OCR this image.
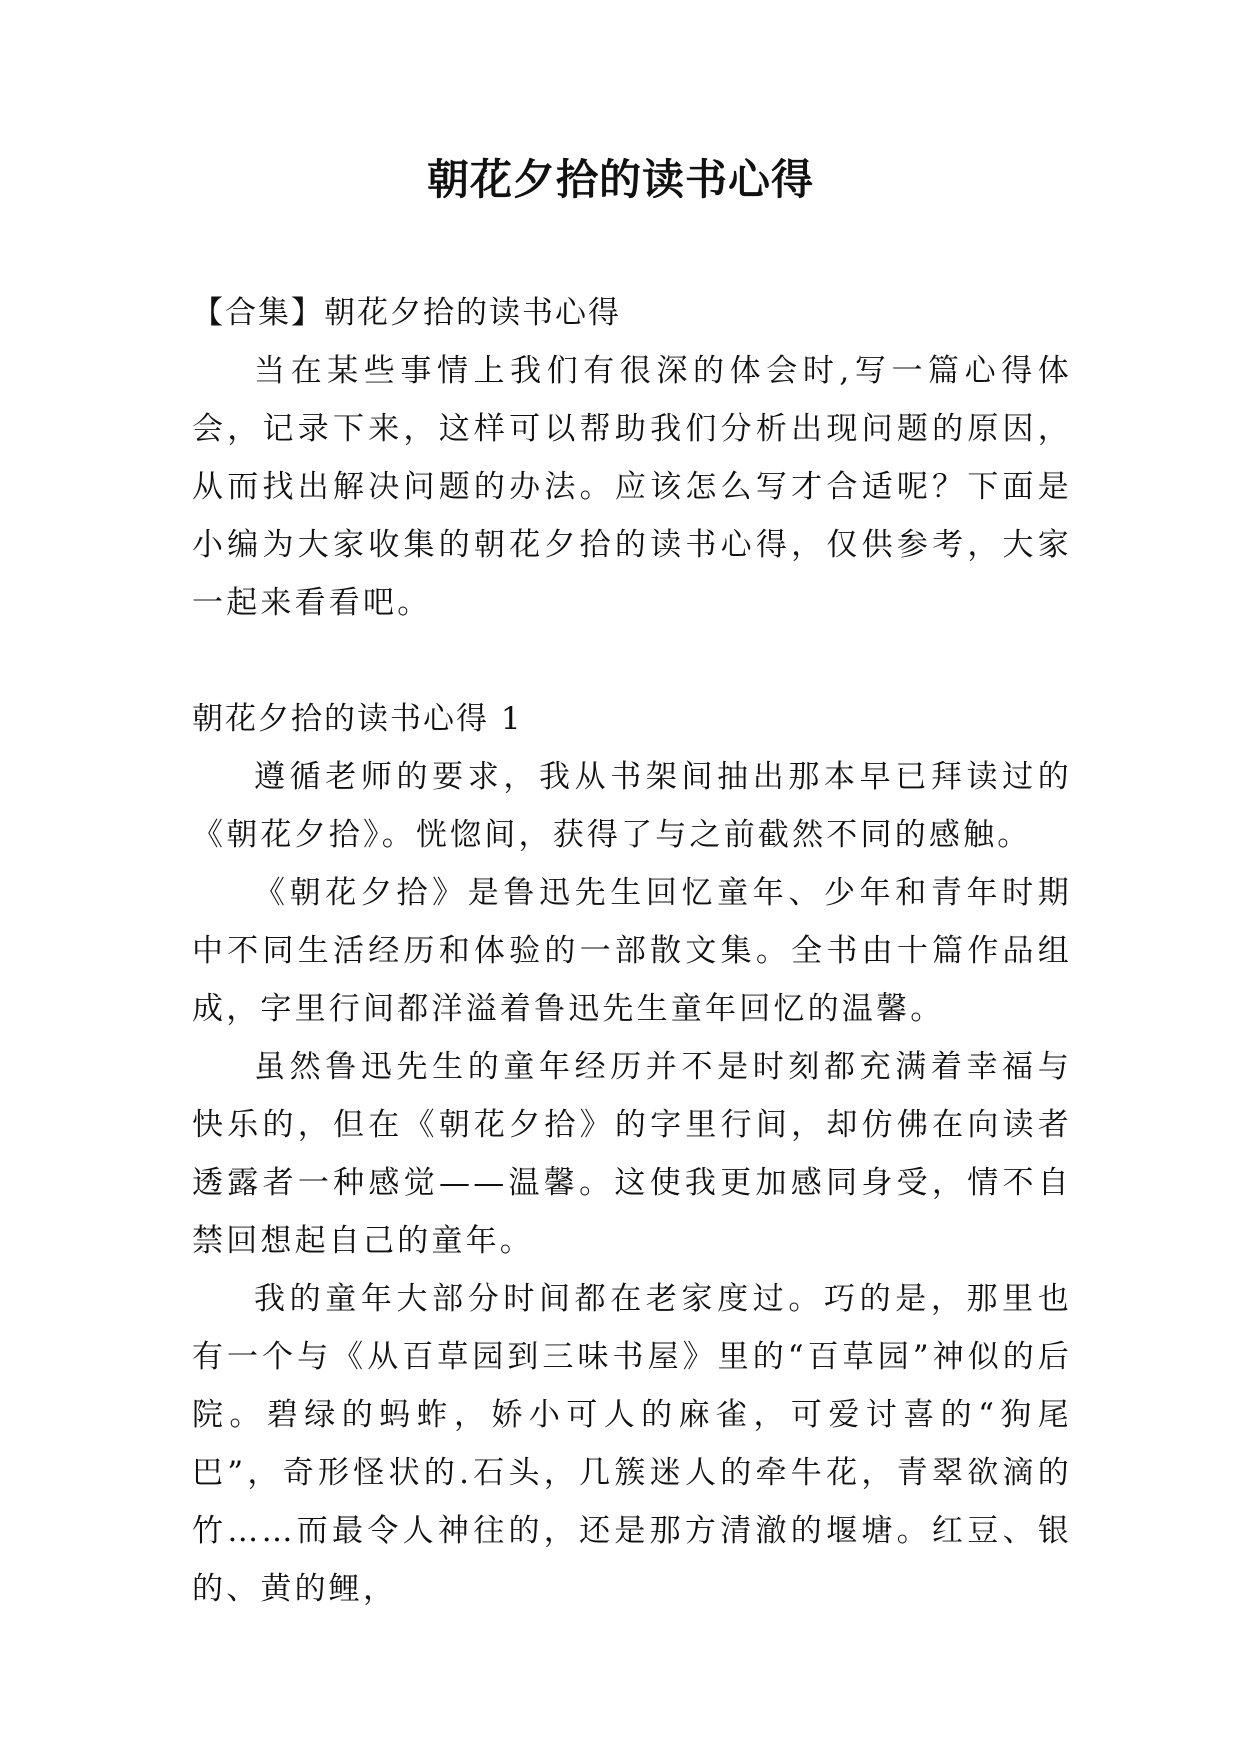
朝花夕拾的读书心得

【合集】朝花夕拾的读书心得

当在某些事情上我们有很深的体会时,写一篇心得体会，记录下来，这样可以帮助我们分析出现问题的原因，从而找出解决问题的办法。应该怎么写才合适呢？下面是小编为大家收集的朝花夕拾的读书心得，仅供参考，大家一起来看看吧。

朝花夕拾的读书心得 1

遵循老师的要求，我从书架间抽出那本早已拜读过的《朝花夕拾》。恍惚间，获得了与之前截然不同的感触。

《朝花夕拾》是鲁迅先生回忆童年、少年和青年时期中不同生活经历和体验的一部散文集。全书由十篇作品组成，字里行间都洋溢着鲁迅先生童年回忆的温馨。

虽然鲁迅先生的童年经历并不是时刻都充满着幸福与快乐的，但在《朝花夕拾》的字里行间，却仿佛在向读者透露者一种感觉——温馨。这使我更加感同身受，情不自禁回想起自己的童年。

我的童年大部分时间都在老家度过。巧的是，那里也有一个与《从百草园到三味书屋》里的“百草园”神似的后院。碧绿的蚂蚱，娇小可人的麻雀，可爱讨喜的“狗尾巴”，奇形怪状的.石头，几簇迷人的牵牛花，青翠欲滴的竹……而最令人神往的，还是那方清澈的堰塘。红豆、银的、黄的鲤，
